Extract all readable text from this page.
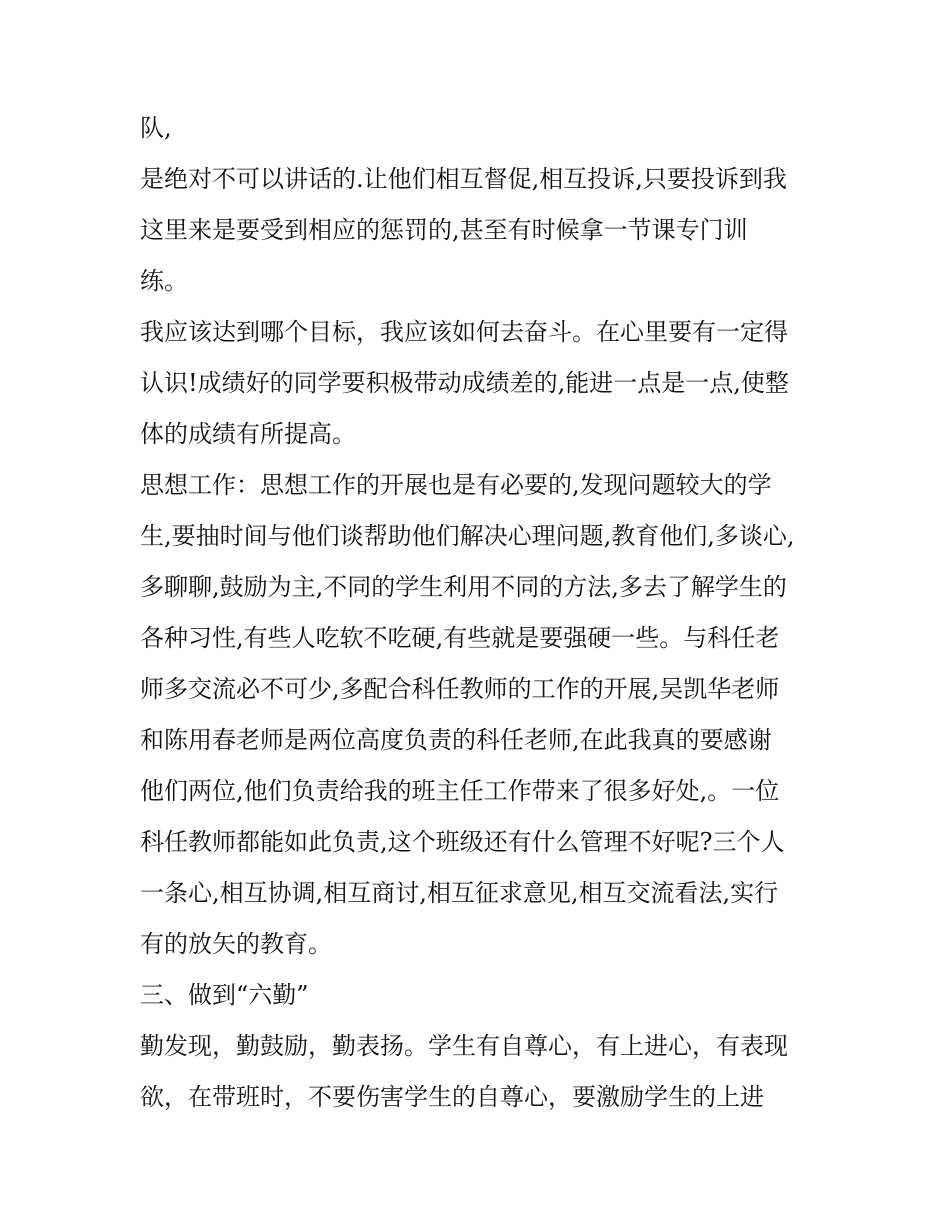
队,
是绝对不可以讲话的.让他们相互督促,相互投诉,只要投诉到我
这里来是要受到相应的惩罚的,甚至有时候拿一节课专门训
练。
我应该达到哪个目标，我应该如何去奋斗。在心里要有一定得
认识!成绩好的同学要积极带动成绩差的,能进一点是一点,使整
体的成绩有所提高。
思想工作：思想工作的开展也是有必要的,发现问题较大的学
生,要抽时间与他们谈帮助他们解决心理问题,教育他们,多谈心,
多聊聊,鼓励为主,不同的学生利用不同的方法,多去了解学生的
各种习性,有些人吃软不吃硬,有些就是要强硬一些。与科任老
师多交流必不可少,多配合科任教师的工作的开展,吴凯华老师
和陈用春老师是两位高度负责的科任老师,在此我真的要感谢
他们两位,他们负责给我的班主任工作带来了很多好处,。一位
科任教师都能如此负责,这个班级还有什么管理不好呢?三个人
一条心,相互协调,相互商讨,相互征求意见,相互交流看法,实行
有的放矢的教育。
三、做到“六勤”
勤发现，勤鼓励，勤表扬。学生有自尊心，有上进心，有表现
欲，在带班时，不要伤害学生的自尊心，要激励学生的上进
